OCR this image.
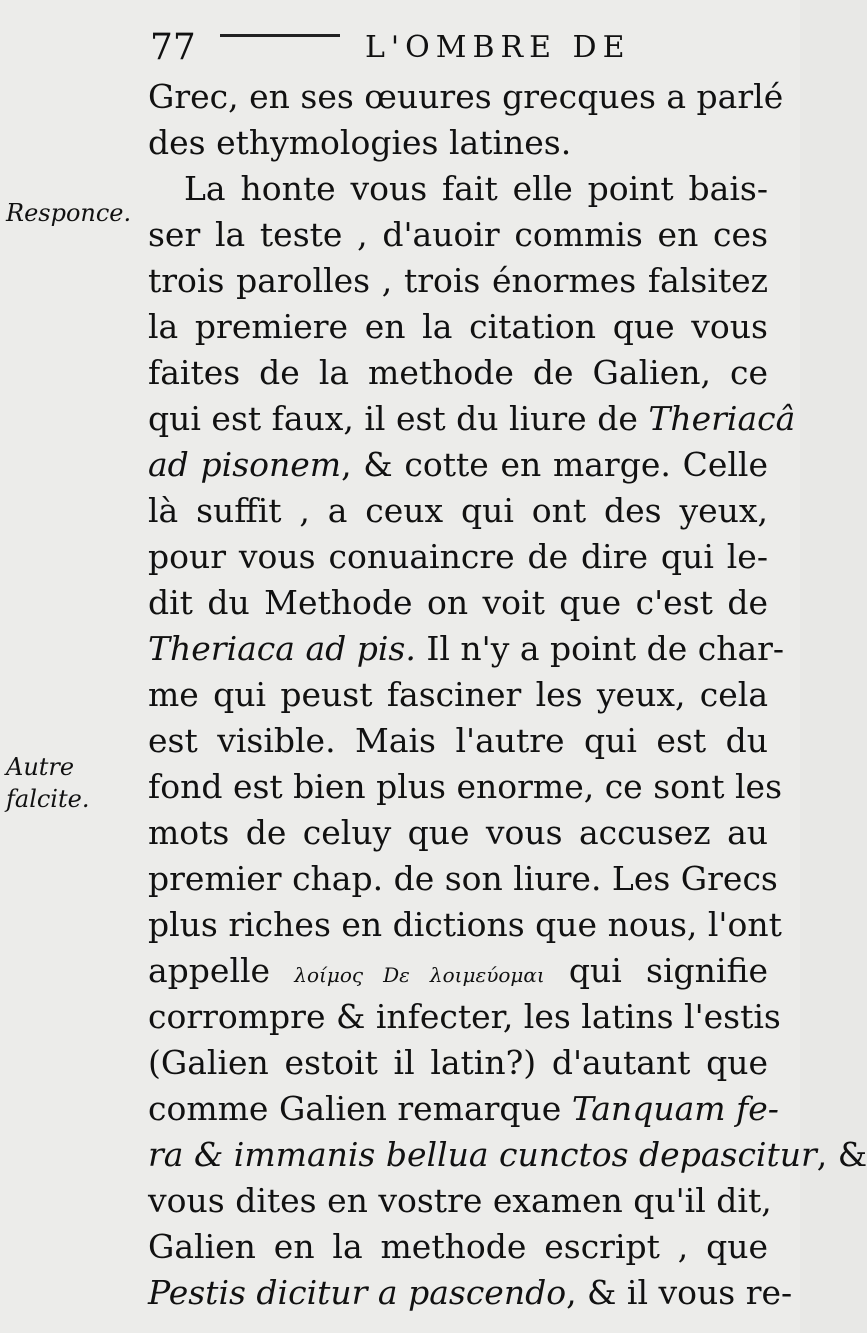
77	L'OMBRE DE
Responce.
Autre
falcite.
Grec, en ses œuures grecques a parlé
des ethymologies latines.
La honte vous fait elle point bais-
ser la teste , d'auoir commis en ces
trois parolles , trois énormes falsitez
la premiere en la citation que vous
faites de la methode de Galien, ce
qui est faux, il est du liure de Theriacâ
ad pisonem, & cotte en marge. Celle
là suffit , a ceux qui ont des yeux,
pour vous conuaincre de dire qui le-
dit du Methode on voit que c'est de
Theriaca ad pis. Il n'y a point de char-
me qui peust fasciner les yeux, cela
est visible. Mais l'autre qui est du
fond est bien plus enorme, ce sont les
mots de celuy que vous accusez au
premier chap. de son liure. Les Grecs
plus riches en dictions que nous, l'ont
appelle λοίμος Dε λοιμεύομαι qui signifie
corrompre & infecter, les latins l'estis
(Galien estoit il latin?) d'autant que
comme Galien remarque Tanquam fe-
ra & immanis bellua cunctos depascitur, &
vous dites en vostre examen qu'il dit,
Galien en la methode escript , que
Pestis dicitur a pascendo, & il vous re-
